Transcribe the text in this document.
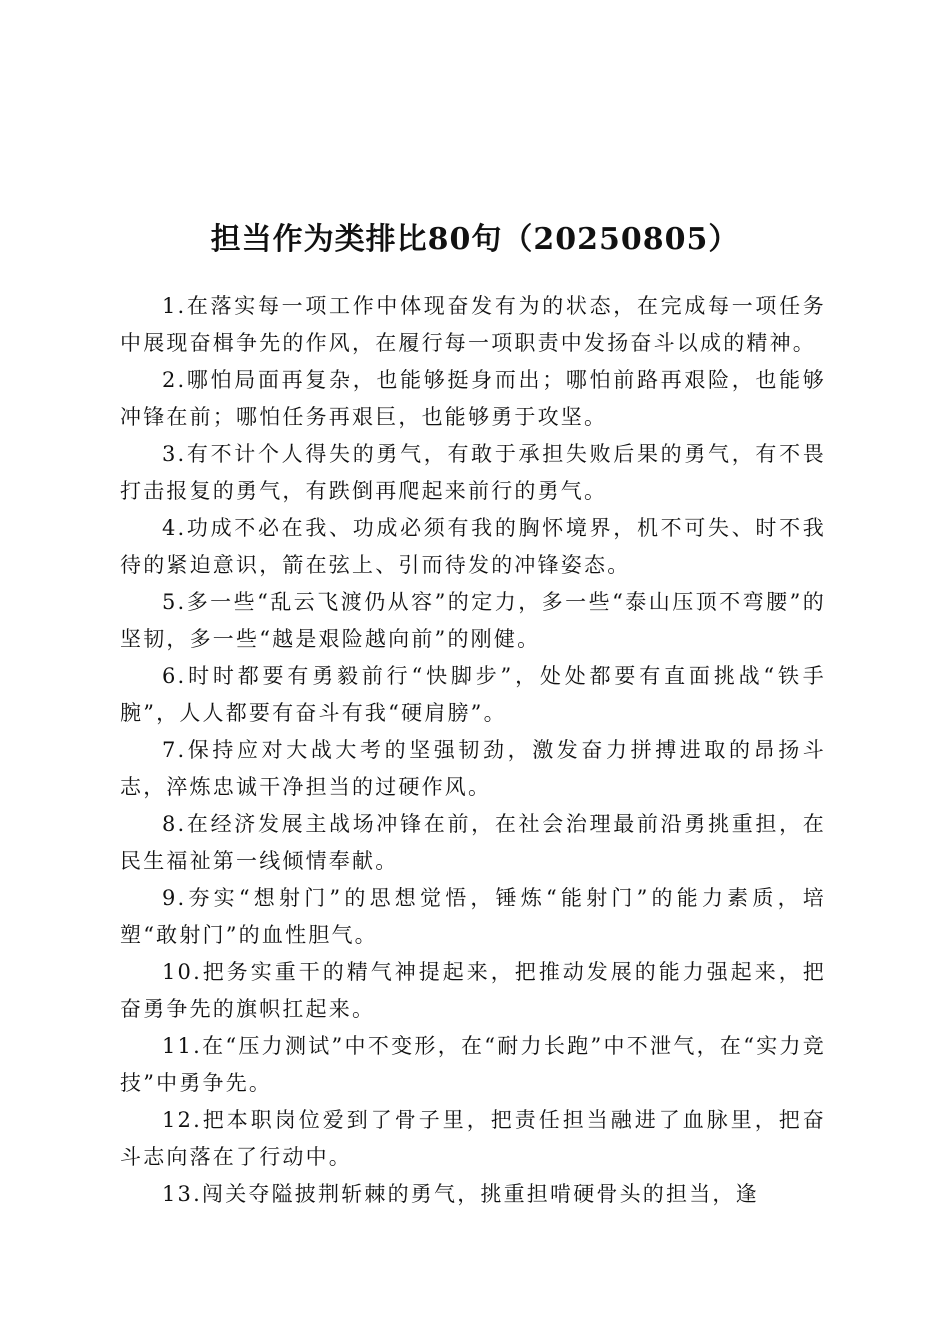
担当作为类排比80句（20250805）

1.在落实每一项工作中体现奋发有为的状态，在完成每一项任务中展现奋楫争先的作风，在履行每一项职责中发扬奋斗以成的精神。

2.哪怕局面再复杂，也能够挺身而出；哪怕前路再艰险，也能够冲锋在前；哪怕任务再艰巨，也能够勇于攻坚。

3.有不计个人得失的勇气，有敢于承担失败后果的勇气，有不畏打击报复的勇气，有跌倒再爬起来前行的勇气。

4.功成不必在我、功成必须有我的胸怀境界，机不可失、时不我待的紧迫意识，箭在弦上、引而待发的冲锋姿态。

5.多一些“乱云飞渡仍从容”的定力，多一些“泰山压顶不弯腰”的坚韧，多一些“越是艰险越向前”的刚健。

6.时时都要有勇毅前行“快脚步”，处处都要有直面挑战“铁手腕”，人人都要有奋斗有我“硬肩膀”。

7.保持应对大战大考的坚强韧劲，激发奋力拼搏进取的昂扬斗志，淬炼忠诚干净担当的过硬作风。

8.在经济发展主战场冲锋在前，在社会治理最前沿勇挑重担，在民生福祉第一线倾情奉献。

9.夯实“想射门”的思想觉悟，锤炼“能射门”的能力素质，培塑“敢射门”的血性胆气。

10.把务实重干的精气神提起来，把推动发展的能力强起来，把奋勇争先的旗帜扛起来。

11.在“压力测试”中不变形，在“耐力长跑”中不泄气，在“实力竞技”中勇争先。

12.把本职岗位爱到了骨子里，把责任担当融进了血脉里，把奋斗志向落在了行动中。

13.闯关夺隘披荆斩棘的勇气，挑重担啃硬骨头的担当，逢
